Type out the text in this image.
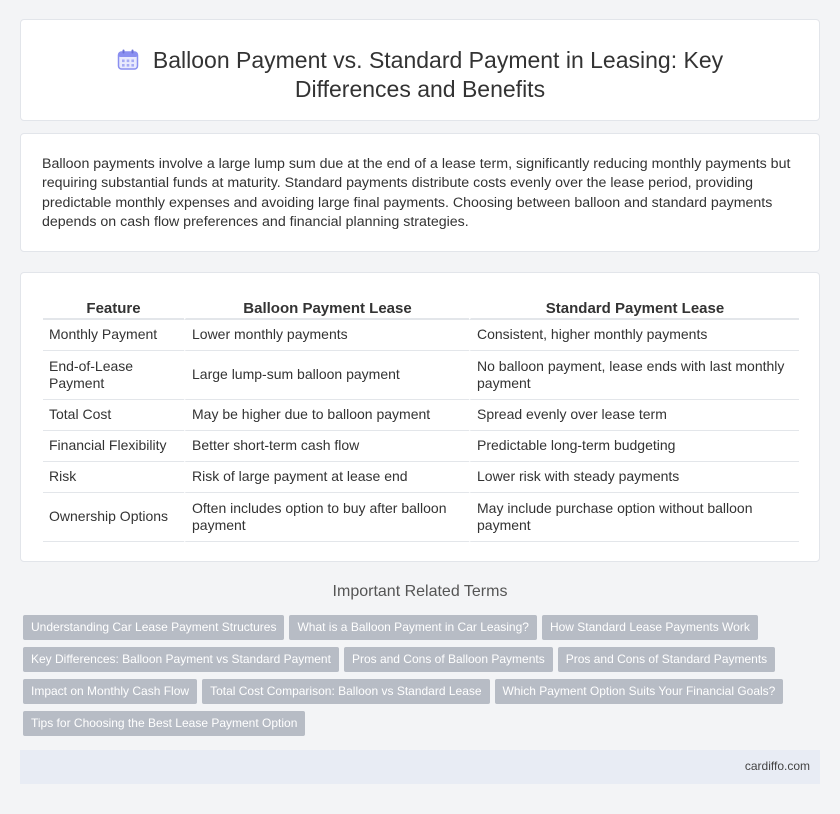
Balloon Payment vs. Standard Payment in Leasing: Key
Differences and Benefits

Balloon payments involve a large lump sum due at the end of a lease term, significantly reducing monthly payments but requiring substantial funds at maturity. Standard payments distribute costs evenly over the lease period, providing predictable monthly expenses and avoiding large final payments. Choosing between balloon and standard payments depends on cash flow preferences and financial planning strategies.

Feature	Balloon Payment Lease	Standard Payment Lease
Monthly Payment	Lower monthly payments	Consistent, higher monthly payments
End-of-Lease Payment	Large lump-sum balloon payment	No balloon payment, lease ends with last monthly payment
Total Cost	May be higher due to balloon payment	Spread evenly over lease term
Financial Flexibility	Better short-term cash flow	Predictable long-term budgeting
Risk	Risk of large payment at lease end	Lower risk with steady payments
Ownership Options	Often includes option to buy after balloon payment	May include purchase option without balloon payment
Important Related Terms
Understanding Car Lease Payment Structures What is a Balloon Payment in Car Leasing? How Standard Lease Payments Work
Key Differences: Balloon Payment vs Standard Payment Pros and Cons of Balloon Payments Pros and Cons of Standard Payments
Impact on Monthly Cash Flow Total Cost Comparison: Balloon vs Standard Lease Which Payment Option Suits Your Financial Goals?
Tips for Choosing the Best Lease Payment Option
cardiffo.com
